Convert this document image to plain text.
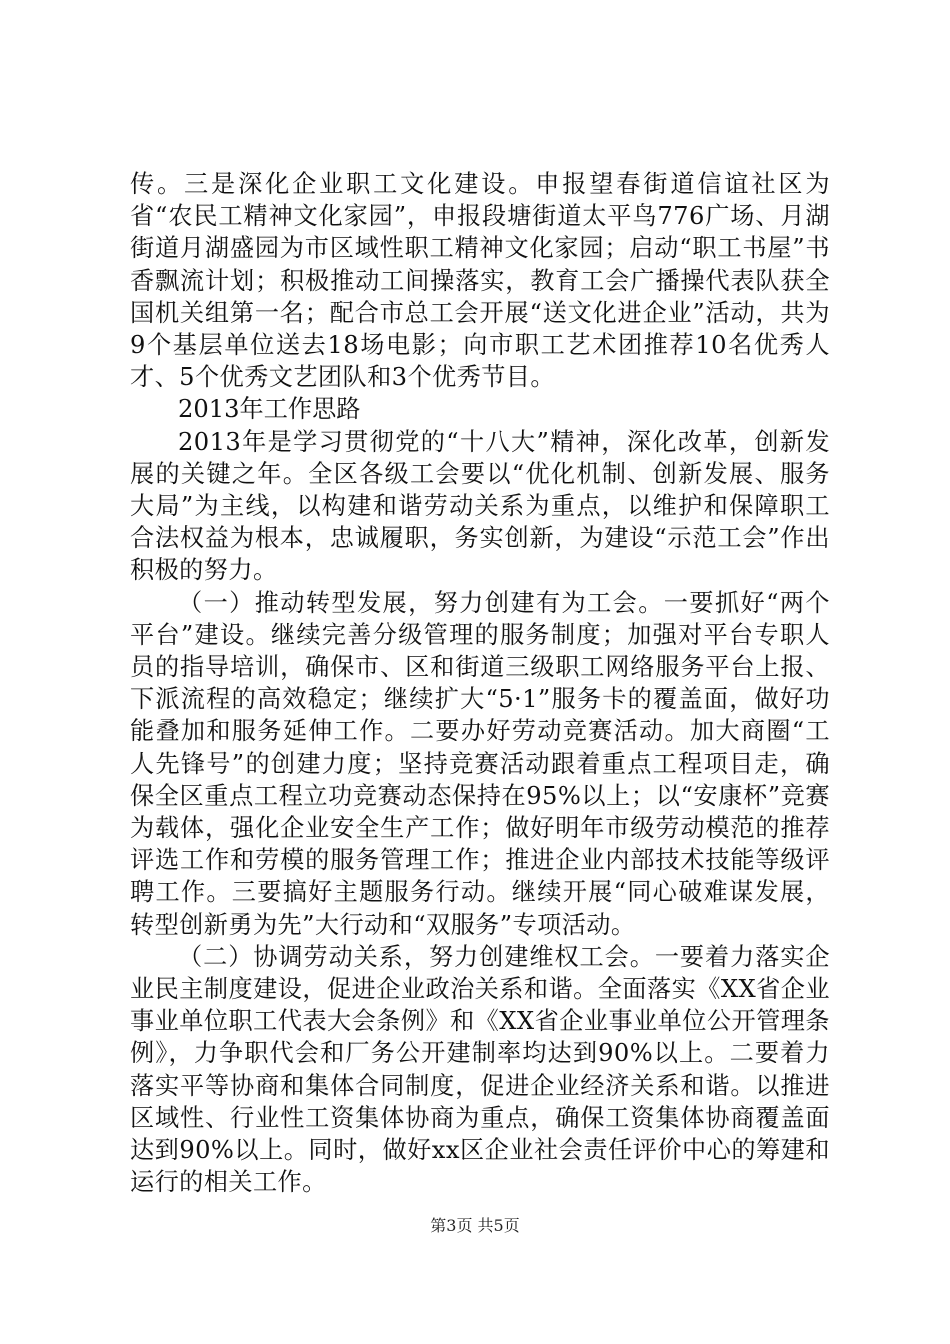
传。三是深化企业职工文化建设。申报望春街道信谊社区为省“农民工精神文化家园”，申报段塘街道太平鸟776广场、月湖街道月湖盛园为市区域性职工精神文化家园；启动“职工书屋”书香飘流计划；积极推动工间操落实，教育工会广播操代表队获全国机关组第一名；配合市总工会开展“送文化进企业”活动，共为9个基层单位送去18场电影；向市职工艺术团推荐10名优秀人才、5个优秀文艺团队和3个优秀节目。

2013年工作思路

2013年是学习贯彻党的“十八大”精神，深化改革，创新发展的关键之年。全区各级工会要以“优化机制、创新发展、服务大局”为主线，以构建和谐劳动关系为重点，以维护和保障职工合法权益为根本，忠诚履职，务实创新，为建设“示范工会”作出积极的努力。

（一）推动转型发展，努力创建有为工会。一要抓好“两个平台”建设。继续完善分级管理的服务制度；加强对平台专职人员的指导培训，确保市、区和街道三级职工网络服务平台上报、下派流程的高效稳定；继续扩大“5·1”服务卡的覆盖面，做好功能叠加和服务延伸工作。二要办好劳动竞赛活动。加大商圈“工人先锋号”的创建力度；坚持竞赛活动跟着重点工程项目走，确保全区重点工程立功竞赛动态保持在95%以上；以“安康杯”竞赛为载体，强化企业安全生产工作；做好明年市级劳动模范的推荐评选工作和劳模的服务管理工作；推进企业内部技术技能等级评聘工作。三要搞好主题服务行动。继续开展“同心破难谋发展，转型创新勇为先”大行动和“双服务”专项活动。

（二）协调劳动关系，努力创建维权工会。一要着力落实企业民主制度建设，促进企业政治关系和谐。全面落实《XX省企业事业单位职工代表大会条例》和《XX省企业事业单位公开管理条例》，力争职代会和厂务公开建制率均达到90%以上。二要着力落实平等协商和集体合同制度，促进企业经济关系和谐。以推进区域性、行业性工资集体协商为重点，确保工资集体协商覆盖面达到90%以上。同时，做好xx区企业社会责任评价中心的筹建和运行的相关工作。

第3页 共5页
